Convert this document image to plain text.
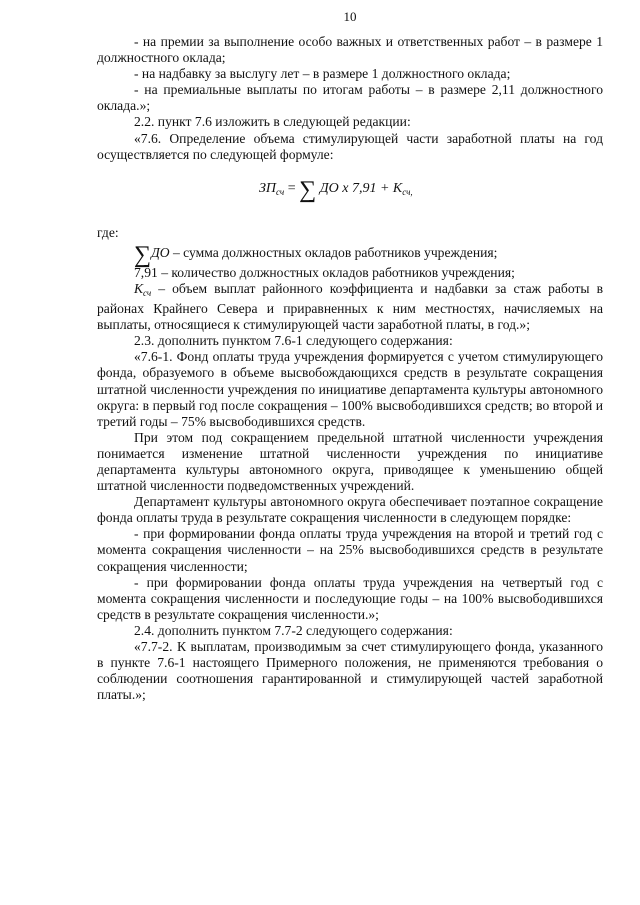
10

- на премии за выполнение особо важных и ответственных работ – в размере 1 должностного оклада;

- на надбавку за выслугу лет – в размере 1 должностного оклада;

- на премиальные выплаты по итогам работы – в размере 2,11 должностного оклада.»;

2.2. пункт 7.6 изложить в следующей редакции:

«7.6. Определение объема стимулирующей части заработной платы на год осуществляется по следующей формуле:

$ЗП_{сч}$ = ∑ ДО х $7,91 + К_{сч,}$

где:

∑ДО – сумма должностных окладов работников учреждения;

7,91 – количество должностных окладов работников учреждения;

$К_{сч}$ – объем выплат районного коэффициента и надбавки за стаж работы в районах Крайнего Севера и приравненных к ним местностях, начисляемых на выплаты, относящиеся к стимулирующей части заработной платы, в год.»;

2.3. дополнить пунктом 7.6-1 следующего содержания:

«7.6-1. Фонд оплаты труда учреждения формируется с учетом стимулирующего фонда, образуемого в объеме высвобождающихся средств в результате сокращения штатной численности учреждения по инициативе департамента культуры автономного округа: в первый год после сокращения – 100% высвободившихся средств; во второй и третий годы – 75% высвободившихся средств.

При этом под сокращением предельной штатной численности учреждения понимается изменение штатной численности учреждения по инициативе департамента культуры автономного округа, приводящее к уменьшению общей штатной численности подведомственных учреждений.

Департамент культуры автономного округа обеспечивает поэтапное сокращение фонда оплаты труда в результате сокращения численности в следующем порядке:

- при формировании фонда оплаты труда учреждения на второй и третий год с момента сокращения численности – на 25% высвободившихся средств в результате сокращения численности;

- при формировании фонда оплаты труда учреждения на четвертый год с момента сокращения численности и последующие годы – на 100% высвободившихся средств в результате сокращения численности.»;

2.4. дополнить пунктом 7.7-2 следующего содержания:

«7.7-2. К выплатам, производимым за счет стимулирующего фонда, указанного в пункте 7.6-1 настоящего Примерного положения, не применяются требования о соблюдении соотношения гарантированной и стимулирующей частей заработной платы.»;
